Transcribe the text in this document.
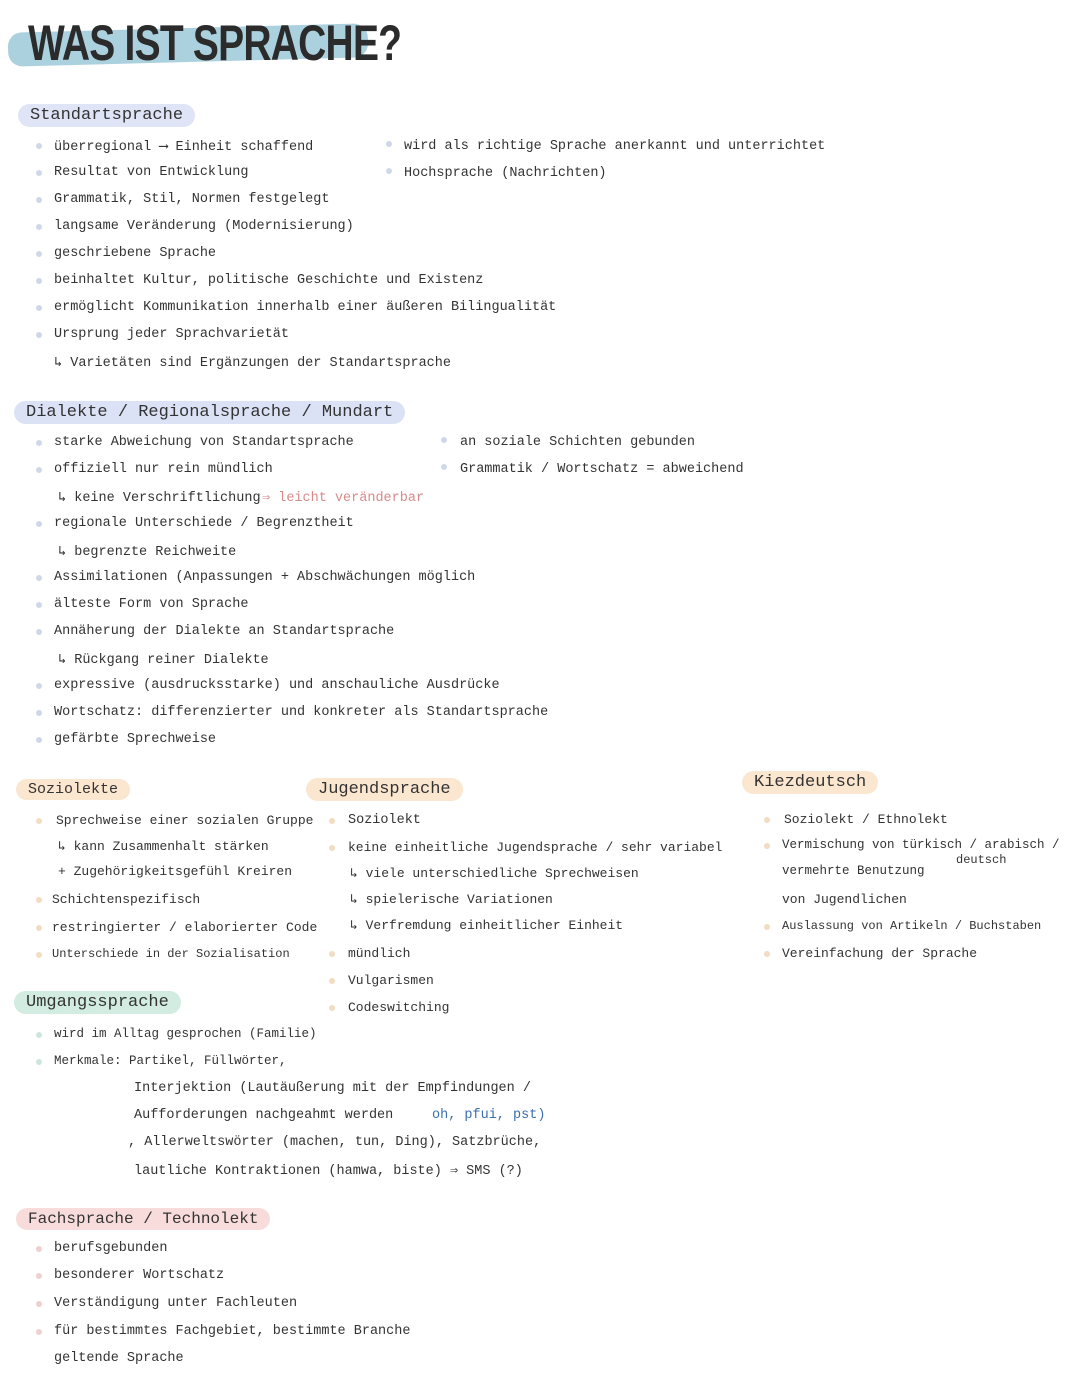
WAS IST SPRACHE?
Standartsprache
überregional ⟶ Einheit schaffend
Resultat von Entwicklung
Grammatik, Stil, Normen festgelegt
langsame Veränderung (Modernisierung)
geschriebene Sprache
beinhaltet Kultur, politische Geschichte und Existenz
ermöglicht Kommunikation innerhalb einer äußeren Bilingualität
Ursprung jeder Sprachvarietät
↳ Varietäten sind Ergänzungen der Standartsprache
wird als richtige Sprache anerkannt und unterrichtet
Hochsprache (Nachrichten)
Dialekte / Regionalsprache / Mundart
starke Abweichung von Standartsprache
offiziell nur rein mündlich
↳ keine Verschriftlichung ⇒ leicht veränderbar
regionale Unterschiede / Begrenztheit
↳ begrenzte Reichweite
Assimilationen (Anpassungen + Abschwächungen möglich
älteste Form von Sprache
Annäherung der Dialekte an Standartsprache
↳ Rückgang reiner Dialekte
expressive (ausdrucksstarke) und anschauliche Ausdrücke
Wortschatz: differenzierter und konkreter als Standartsprache
gefärbte Sprechweise
an soziale Schichten gebunden
Grammatik / Wortschatz = abweichend
Soziolekte
Sprechweise einer sozialen Gruppe
↳ kann Zusammenhalt stärken
+ Zugehörigkeitsgefühl Kreiren
Schichtenspezifisch
restringierter / elaborierter Code
Unterschiede in der Sozialisation
Jugendsprache
Soziolekt
keine einheitliche Jugendsprache / sehr variabel
↳ viele unterschiedliche Sprechweisen
↳ spielerische Variationen
↳ Verfremdung einheitlicher Einheit
mündlich
Vulgarismen
Codeswitching
Kiezdeutsch
Soziolekt / Ethnolekt
Vermischung von türkisch / arabisch /
deutsch
vermehrte Benutzung
von Jugendlichen
Auslassung von Artikeln / Buchstaben
Vereinfachung der Sprache
Umgangssprache
wird im Alltag gesprochen (Familie)
Merkmale: Partikel, Füllwörter,
Interjektion (Lautäußerung mit der Empfindungen /
Aufforderungen nachgeahmt werden	oh, pfui, pst)
, Allerweltswörter (machen, tun, Ding), Satzbrüche,
lautliche Kontraktionen (hamwa, biste) ⇒ SMS (?)
Fachsprache / Technolekt
berufsgebunden
besonderer Wortschatz
Verständigung unter Fachleuten
für bestimmtes Fachgebiet, bestimmte Branche
geltende Sprache
